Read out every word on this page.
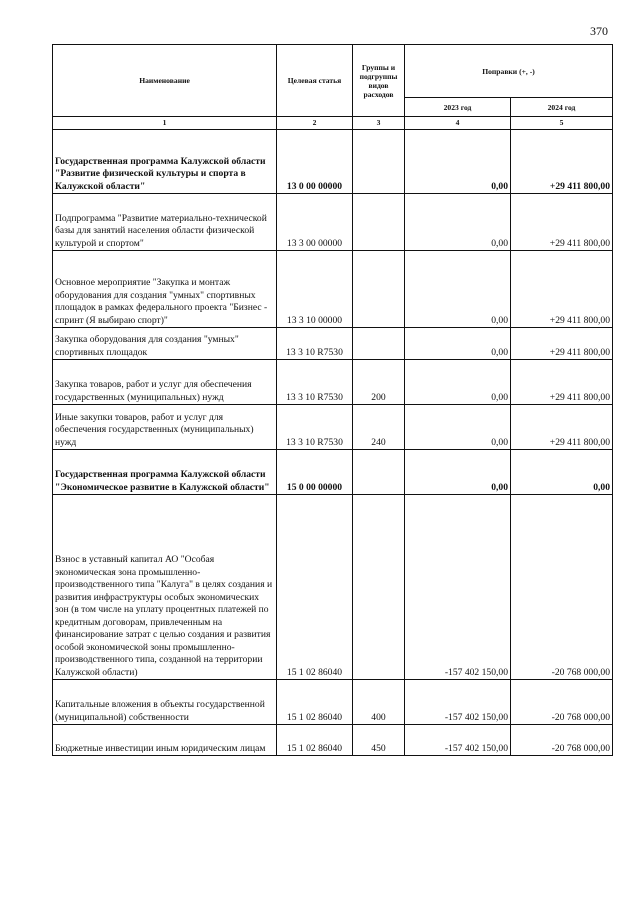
370
Наименование	Целевая статья	Группы и подгруппы видов расходов	Поправки (+, -)	
			2023 год	2024 год
1	2	3	4	5
Государственная программа Калужской области "Развитие физической культуры и спорта в Калужской области"	13 0 00 00000		0,00	+29 411 800,00
Подпрограмма "Развитие материально-технической базы для занятий населения области физической культурой и спортом"	13 3 00 00000		0,00	+29 411 800,00
Основное мероприятие "Закупка и монтаж оборудования для создания "умных" спортивных площадок в рамках федерального проекта "Бизнес - спринт (Я выбираю спорт)"	13 3 10 00000		0,00	+29 411 800,00
Закупка оборудования для создания "умных" спортивных площадок	13 3 10 R7530		0,00	+29 411 800,00
Закупка товаров, работ и услуг для обеспечения государственных (муниципальных) нужд	13 3 10 R7530	200	0,00	+29 411 800,00
Иные закупки товаров, работ и услуг для обеспечения государственных (муниципальных) нужд	13 3 10 R7530	240	0,00	+29 411 800,00
Государственная программа Калужской области "Экономическое развитие в Калужской области"	15 0 00 00000		0,00	0,00
Взнос в уставный капитал АО "Особая экономическая зона промышленно-производственного типа "Калуга" в целях создания и развития инфраструктуры особых экономических зон (в том числе на уплату процентных платежей по кредитным договорам, привлеченным на финансирование затрат с целью создания и развития особой экономической зоны промышленно-производственного типа, созданной на территории Калужской области)	15 1 02 86040		-157 402 150,00	-20 768 000,00
Капитальные вложения в объекты государственной (муниципальной) собственности	15 1 02 86040	400	-157 402 150,00	-20 768 000,00
Бюджетные инвестиции иным юридическим лицам	15 1 02 86040	450	-157 402 150,00	-20 768 000,00
